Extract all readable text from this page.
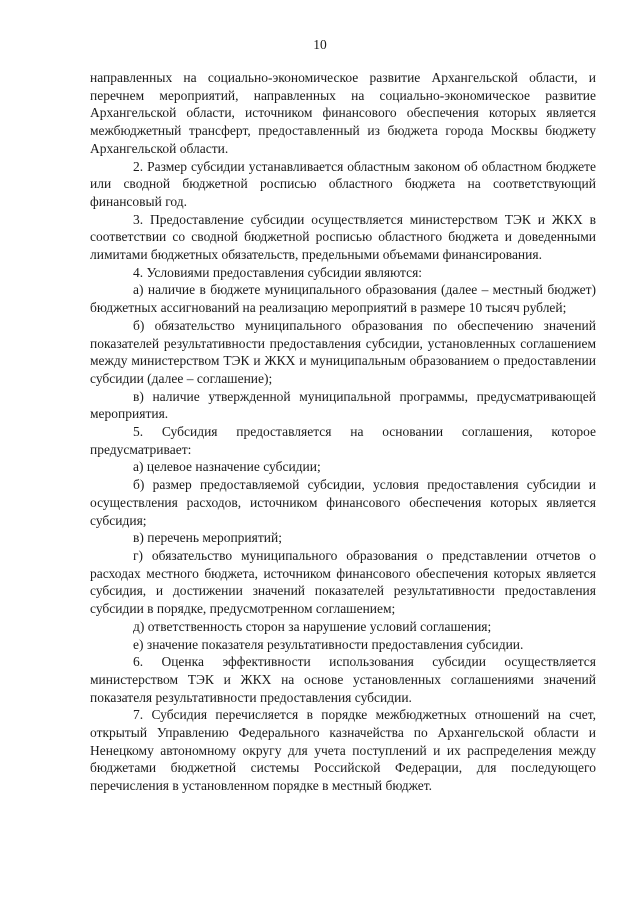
10

направленных на социально-экономическое развитие Архангельской области, и перечнем мероприятий, направленных на социально-экономическое развитие Архангельской области, источником финансового обеспечения которых является межбюджетный трансферт, предоставленный из бюджета города Москвы бюджету Архангельской области.

2. Размер субсидии устанавливается областным законом об областном бюджете или сводной бюджетной росписью областного бюджета на соответствующий финансовый год.

3. Предоставление субсидии осуществляется министерством ТЭК и ЖКХ в соответствии со сводной бюджетной росписью областного бюджета и доведенными лимитами бюджетных обязательств, предельными объемами финансирования.

4. Условиями предоставления субсидии являются:

а) наличие в бюджете муниципального образования (далее – местный бюджет) бюджетных ассигнований на реализацию мероприятий в размере 10 тысяч рублей;

б) обязательство муниципального образования по обеспечению значений показателей результативности предоставления субсидии, установленных соглашением между министерством ТЭК и ЖКХ и муниципальным образованием о предоставлении субсидии (далее – соглашение);

в) наличие утвержденной муниципальной программы, предусматривающей мероприятия.

5. Субсидия предоставляется на основании соглашения, которое предусматривает:

а) целевое назначение субсидии;

б) размер предоставляемой субсидии, условия предоставления субсидии и осуществления расходов, источником финансового обеспечения которых является субсидия;

в) перечень мероприятий;

г) обязательство муниципального образования о представлении отчетов о расходах местного бюджета, источником финансового обеспечения которых является субсидия, и достижении значений показателей результативности предоставления субсидии в порядке, предусмотренном соглашением;

д) ответственность сторон за нарушение условий соглашения;

е) значение показателя результативности предоставления субсидии.

6. Оценка эффективности использования субсидии осуществляется министерством ТЭК и ЖКХ на основе установленных соглашениями значений показателя результативности предоставления субсидии.

7. Субсидия перечисляется в порядке межбюджетных отношений на счет, открытый Управлению Федерального казначейства по Архангельской области и Ненецкому автономному округу для учета поступлений и их распределения между бюджетами бюджетной системы Российской Федерации, для последующего перечисления в установленном порядке в местный бюджет.
